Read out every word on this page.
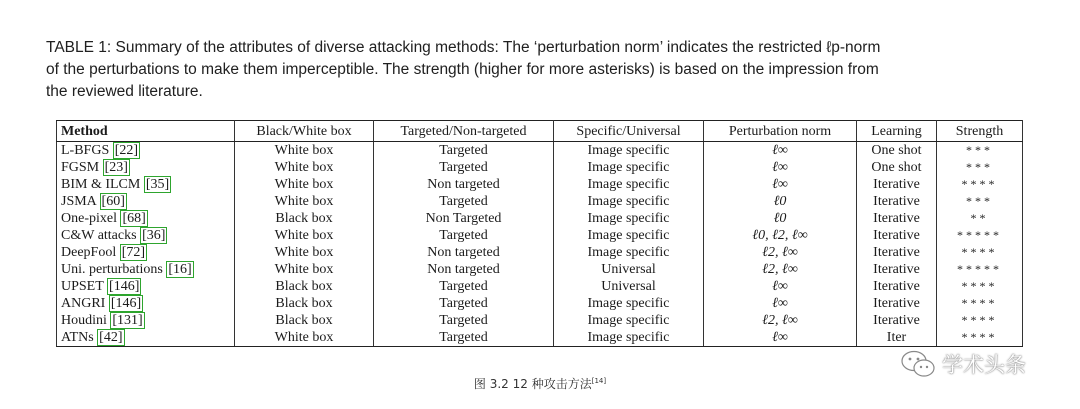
TABLE 1: Summary of the attributes of diverse attacking methods: The ‘perturbation norm’ indicates the restricted ℓp-norm
of the perturbations to make them imperceptible. The strength (higher for more asterisks) is based on the impression from
the reviewed literature.
Method	Black/White box	Targeted/Non-targeted	Specific/Universal	Perturbation norm	Learning	Strength
L-BFGS [22]	White box	Targeted	Image specific	ℓ∞	One shot	***
FGSM [23]	White box	Targeted	Image specific	ℓ∞	One shot	***
BIM & ILCM [35]	White box	Non targeted	Image specific	ℓ∞	Iterative	****
JSMA [60]	White box	Targeted	Image specific	ℓ0	Iterative	***
One-pixel [68]	Black box	Non Targeted	Image specific	ℓ0	Iterative	**
C&W attacks [36]	White box	Targeted	Image specific	ℓ0, ℓ2, ℓ∞	Iterative	*****
DeepFool [72]	White box	Non targeted	Image specific	ℓ2, ℓ∞	Iterative	****
Uni. perturbations [16]	White box	Non targeted	Universal	ℓ2, ℓ∞	Iterative	*****
UPSET [146]	Black box	Targeted	Universal	ℓ∞	Iterative	****
ANGRI [146]	Black box	Targeted	Image specific	ℓ∞	Iterative	****
Houdini [131]	Black box	Targeted	Image specific	ℓ2, ℓ∞	Iterative	****
ATNs [42]	White box	Targeted	Image specific	ℓ∞	Iter	****
图 3.2 12 种攻击方法[14]
学术头条
